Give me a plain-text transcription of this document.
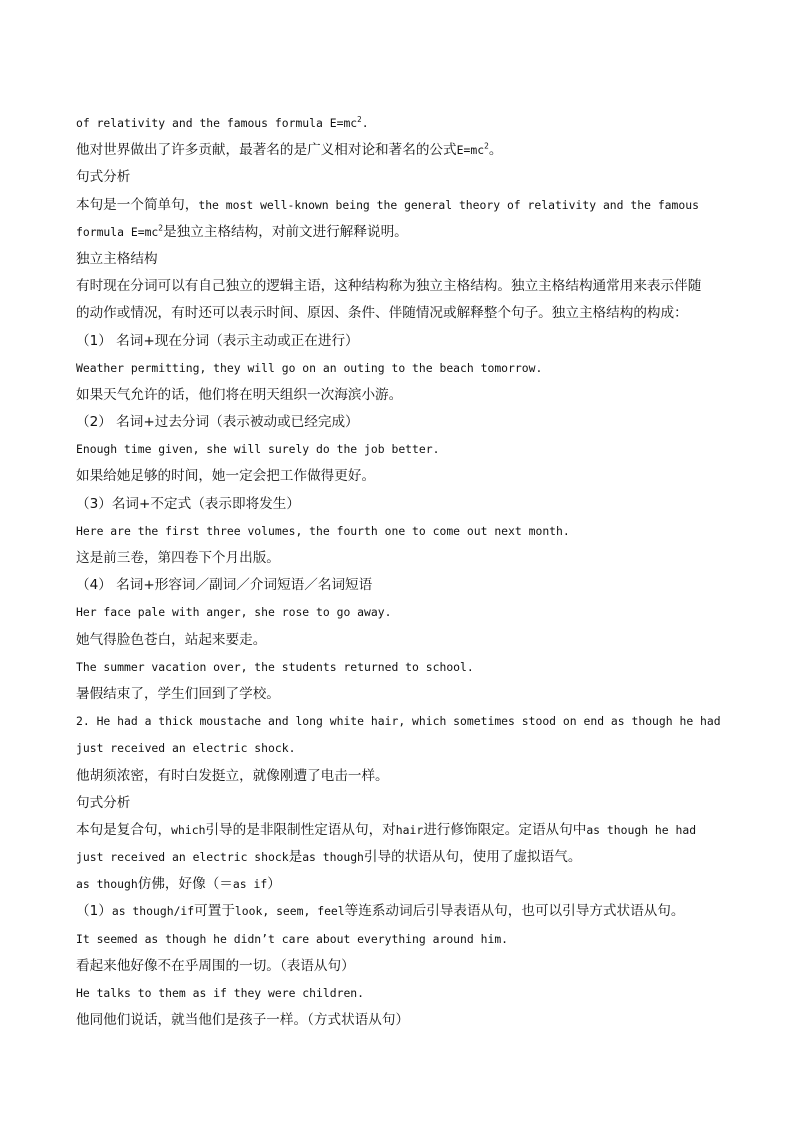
of relativity and the famous formula $E=mc^2$.
他对世界做出了许多贡献，最著名的是广义相对论和著名的公式$E=mc^2$。
句式分析
本句是一个简单句，the most well-known being the general theory of relativity and the famous
formula $E=mc^2$是独立主格结构，对前文进行解释说明。
独立主格结构
有时现在分词可以有自己独立的逻辑主语，这种结构称为独立主格结构。独立主格结构通常用来表示伴随
的动作或情况，有时还可以表示时间、原因、条件、伴随情况或解释整个句子。独立主格结构的构成：
（1） 名词+现在分词（表示主动或正在进行）
Weather permitting, they will go on an outing to the beach tomorrow.
如果天气允许的话，他们将在明天组织一次海滨小游。
（2） 名词+过去分词（表示被动或已经完成）
Enough time given, she will surely do the job better.
如果给她足够的时间，她一定会把工作做得更好。
（3）名词+不定式（表示即将发生）
Here are the first three volumes, the fourth one to come out next month.
这是前三卷，第四卷下个月出版。
（4） 名词+形容词／副词／介词短语／名词短语
Her face pale with anger, she rose to go away.
她气得脸色苍白，站起来要走。
The summer vacation over, the students returned to school.
暑假结束了，学生们回到了学校。
2. He had a thick moustache and long white hair, which sometimes stood on end as though he had
just received an electric shock.
他胡须浓密，有时白发挺立，就像刚遭了电击一样。
句式分析
本句是复合句，which引导的是非限制性定语从句，对hair进行修饰限定。定语从句中as though he had
just received an electric shock是as though引导的状语从句，使用了虚拟语气。
as though仿佛，好像（＝as if）
（1）as though/if可置于look, seem, feel等连系动词后引导表语从句，也可以引导方式状语从句。
It seemed as though he didn’t care about everything around him.
看起来他好像不在乎周围的一切。（表语从句）
He talks to them as if they were children.
他同他们说话，就当他们是孩子一样。（方式状语从句）
